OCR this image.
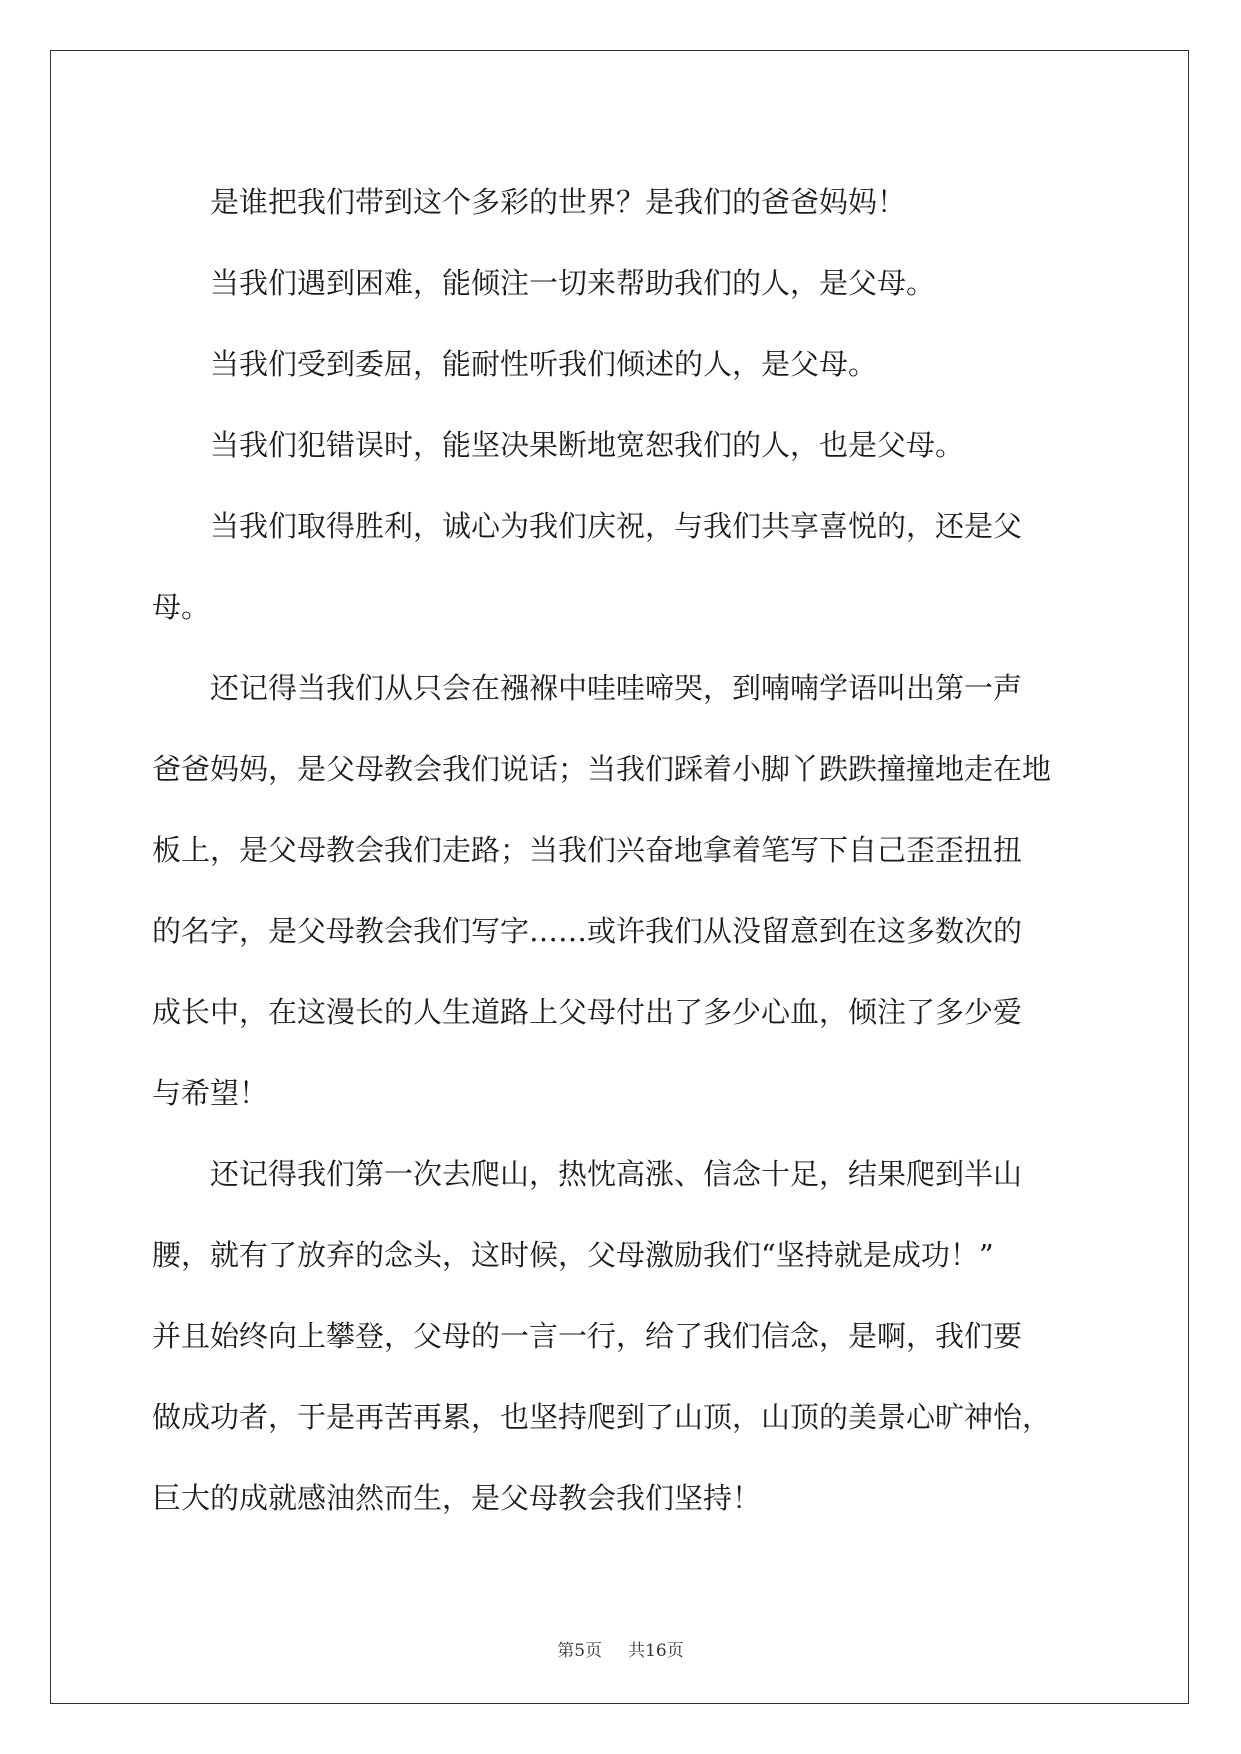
是谁把我们带到这个多彩的世界？是我们的爸爸妈妈！

当我们遇到困难，能倾注一切来帮助我们的人，是父母。

当我们受到委屈，能耐性听我们倾述的人，是父母。

当我们犯错误时，能坚决果断地宽恕我们的人，也是父母。

当我们取得胜利，诚心为我们庆祝，与我们共享喜悦的，还是父
母。

还记得当我们从只会在襁褓中哇哇啼哭，到喃喃学语叫出第一声
爸爸妈妈，是父母教会我们说话；当我们踩着小脚丫跌跌撞撞地走在地
板上，是父母教会我们走路；当我们兴奋地拿着笔写下自己歪歪扭扭
的名字，是父母教会我们写字……或许我们从没留意到在这多数次的
成长中，在这漫长的人生道路上父母付出了多少心血，倾注了多少爱
与希望！

还记得我们第一次去爬山，热忱高涨、信念十足，结果爬到半山
腰，就有了放弃的念头，这时候，父母激励我们“坚持就是成功！”
并且始终向上攀登，父母的一言一行，给了我们信念，是啊，我们要
做成功者，于是再苦再累，也坚持爬到了山顶，山顶的美景心旷神怡，
巨大的成就感油然而生，是父母教会我们坚持！

第5页 共16页
